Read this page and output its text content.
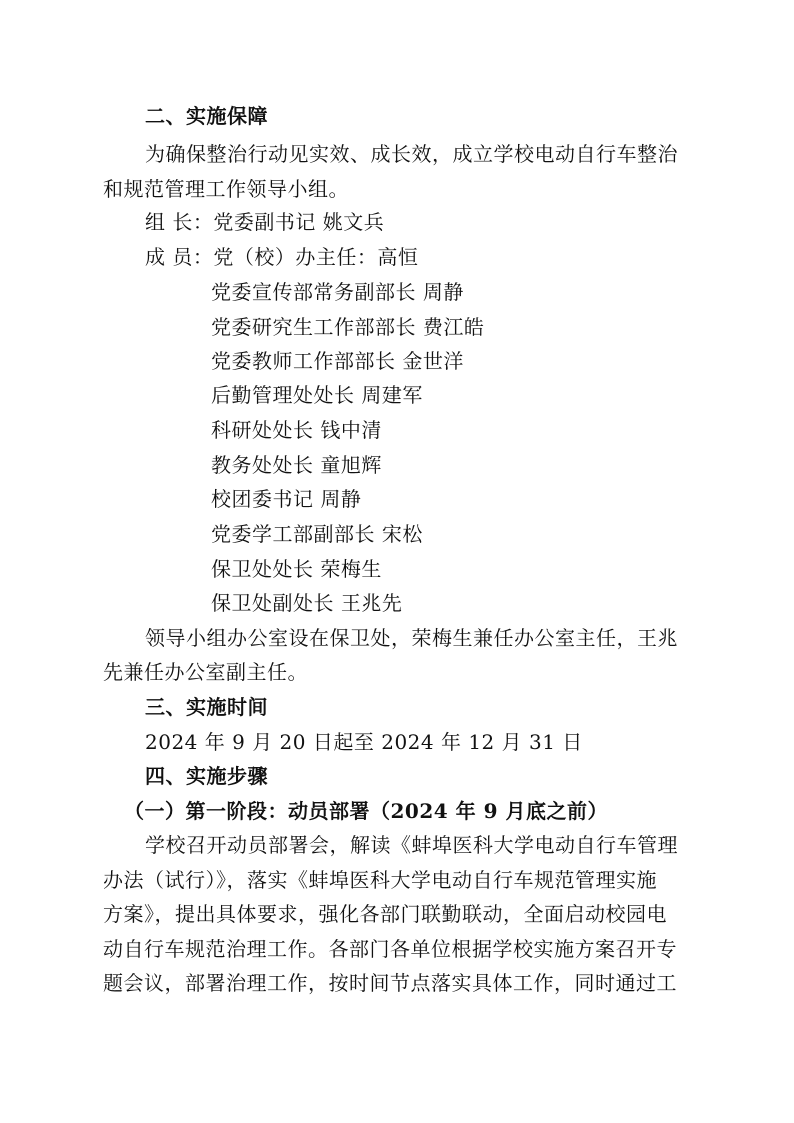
二、实施保障
为确保整治行动见实效、成长效，成立学校电动自行车整治
和规范管理工作领导小组。
组 长：党委副书记 姚文兵
成 员：党（校）办主任：高恒
党委宣传部常务副部长 周静
党委研究生工作部部长 费江皓
党委教师工作部部长 金世洋
后勤管理处处长 周建军
科研处处长 钱中清
教务处处长 童旭辉
校团委书记 周静
党委学工部副部长 宋松
保卫处处长 荣梅生
保卫处副处长 王兆先
领导小组办公室设在保卫处，荣梅生兼任办公室主任，王兆
先兼任办公室副主任。
三、实施时间
2024 年 9 月 20 日起至 2024 年 12 月 31 日
四、实施步骤
（一）第一阶段：动员部署（2024 年 9 月底之前）
学校召开动员部署会，解读《蚌埠医科大学电动自行车管理
办法（试行）》，落实《蚌埠医科大学电动自行车规范管理实施
方案》，提出具体要求，强化各部门联勤联动，全面启动校园电
动自行车规范治理工作。各部门各单位根据学校实施方案召开专
题会议，部署治理工作，按时间节点落实具体工作，同时通过工
